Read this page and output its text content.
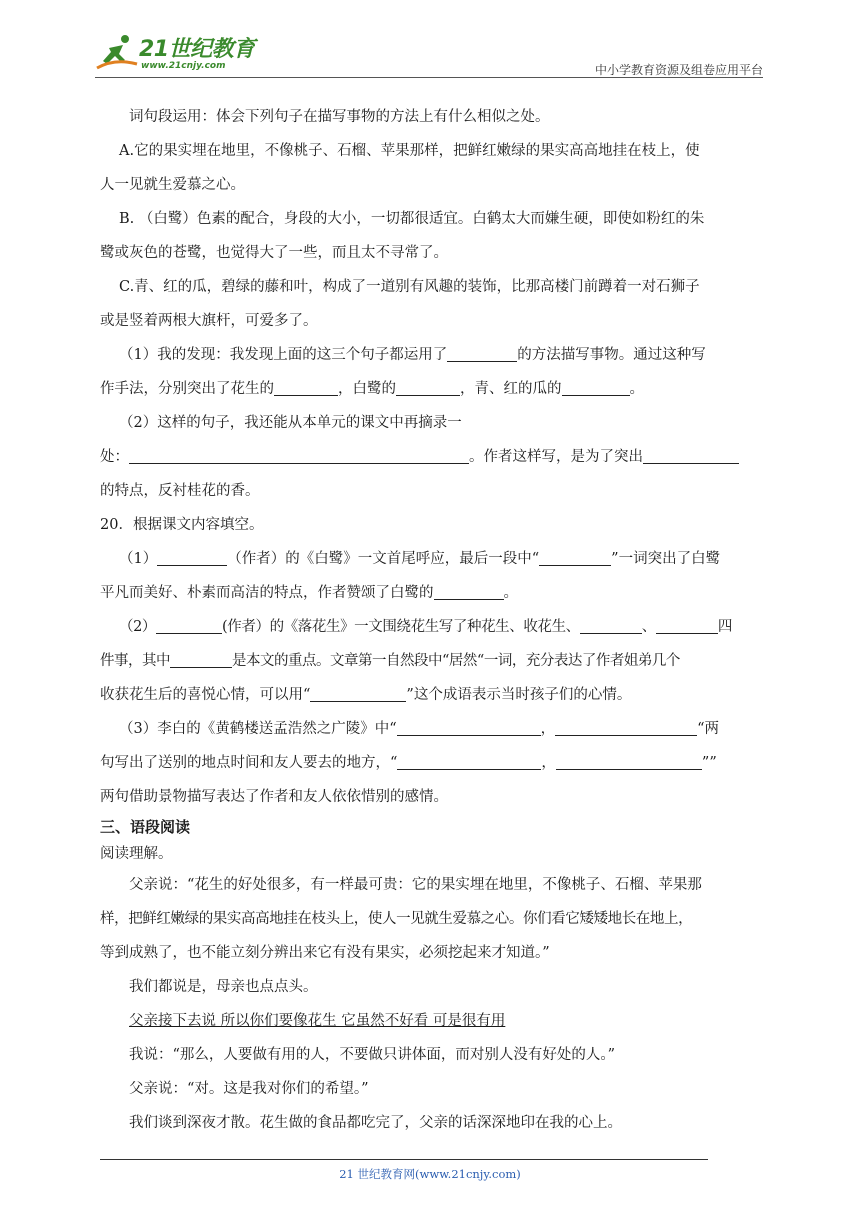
21世纪教育
www.21cnjy.com	中小学教育资源及组卷应用平台
词句段运用：体会下列句子在描写事物的方法上有什么相似之处。
A.它的果实埋在地里，不像桃子、石榴、苹果那样，把鲜红嫩绿的果实高高地挂在枝上，使
人一见就生爱慕之心。
B. （白鹭）色素的配合，身段的大小，一切都很适宜。白鹤太大而嫌生硬，即使如粉红的朱
鹭或灰色的苍鹭，也觉得大了一些，而且太不寻常了。
C.青、红的瓜，碧绿的藤和叶，构成了一道别有风趣的装饰，比那高楼门前蹲着一对石狮子
或是竖着两根大旗杆，可爱多了。
（1）我的发现：我发现上面的这三个句子都运用了	的方法描写事物。通过这种写
作手法，分别突出了花生的	，白鹭的	，青、红的瓜的	。
（2）这样的句子，我还能从本单元的课文中再摘录一
处：	。作者这样写，是为了突出
的特点，反衬桂花的香。
20．根据课文内容填空。
（1）	（作者）的《白鹭》一文首尾呼应，最后一段中“	”一词突出了白鹭
平凡而美好、朴素而高洁的特点，作者赞颂了白鹭的	。
（2）	(作者）的《落花生》一文围绕花生写了种花生、收花生、	、	四
件事，其中	是本文的重点。文章第一自然段中“居然“一词，充分表达了作者姐弟几个
收获花生后的喜悦心情，可以用“	”这个成语表示当时孩子们的心情。
（3）李白的《黄鹤楼送孟浩然之广陵》中“	，	“两
句写出了送别的地点时间和友人要去的地方，“	，	””
两句借助景物描写表达了作者和友人依依惜别的感情。
三、语段阅读
阅读理解。
父亲说：“花生的好处很多，有一样最可贵：它的果实埋在地里，不像桃子、石榴、苹果那
样，把鲜红嫩绿的果实高高地挂在枝头上，使人一见就生爱慕之心。你们看它矮矮地长在地上，
等到成熟了，也不能立刻分辨出来它有没有果实，必须挖起来才知道。”
我们都说是，母亲也点点头。
父亲接下去说 所以你们要像花生 它虽然不好看 可是很有用
我说：“那么，人要做有用的人，不要做只讲体面，而对别人没有好处的人。”
父亲说：“对。这是我对你们的希望。”
我们谈到深夜才散。花生做的食品都吃完了，父亲的话深深地印在我的心上。
21 世纪教育网(www.21cnjy.com)
